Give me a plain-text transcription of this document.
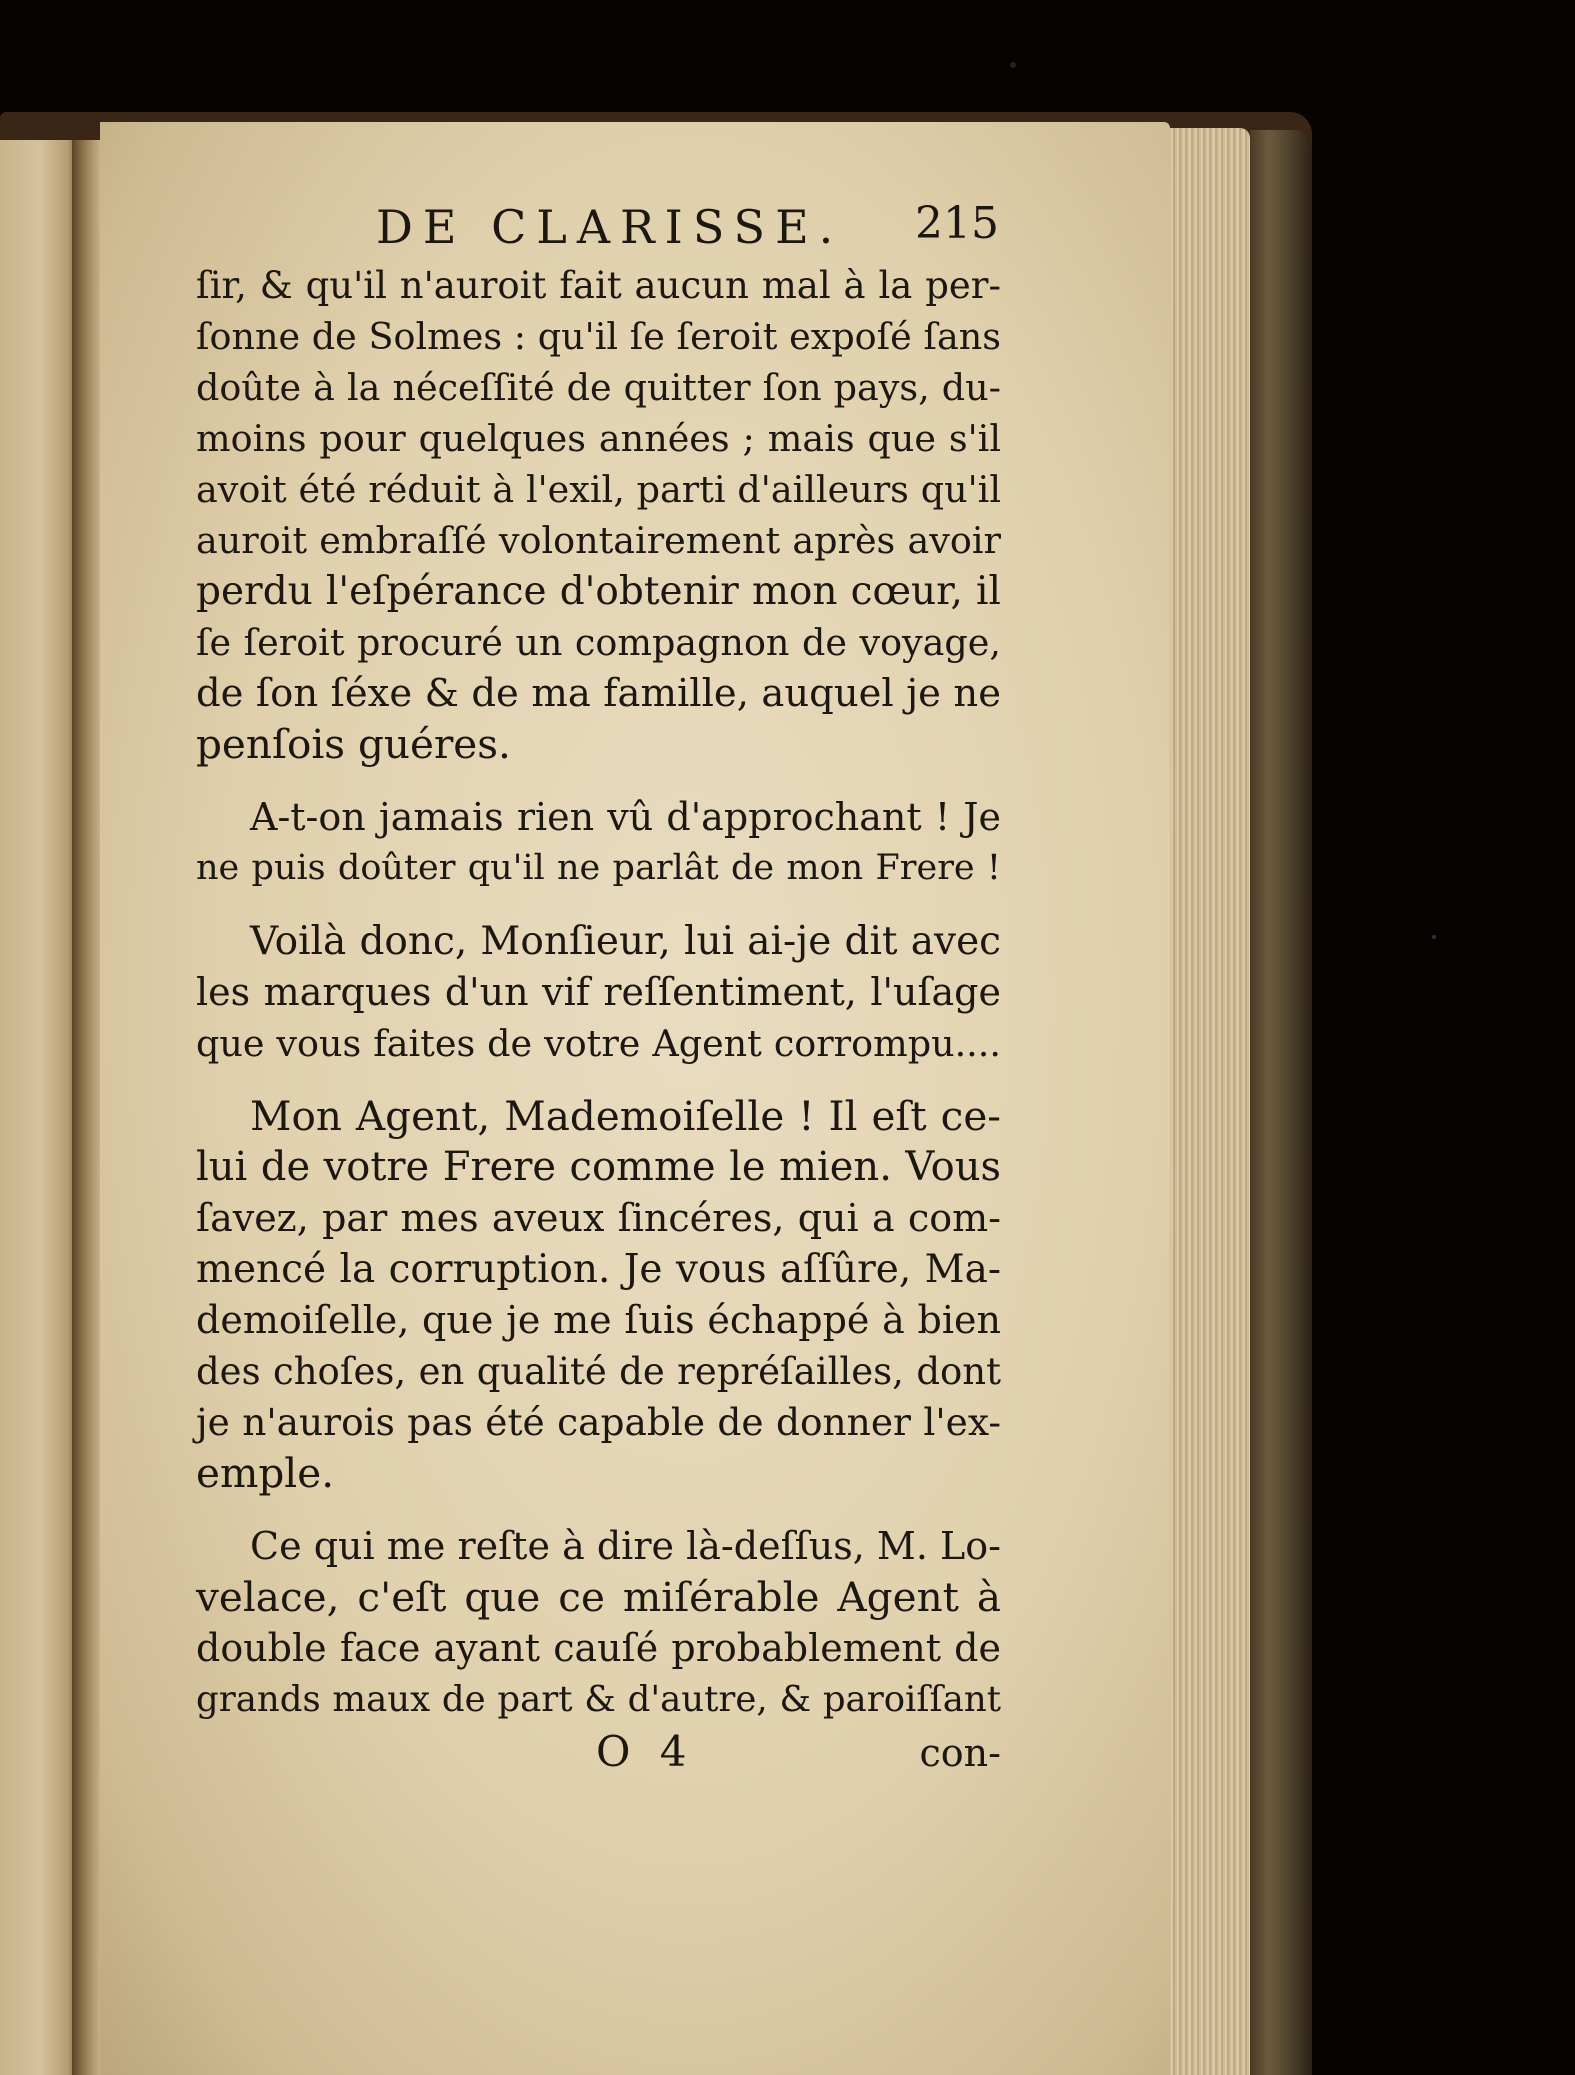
DE CLARISSE. 215

ſir, & qu'il n'auroit fait aucun mal à la per-
ſonne de Solmes : qu'il ſe ſeroit expoſé ſans
doûte à la néceſſité de quitter ſon pays, du-
moins pour quelques années ; mais que s'il
avoit été réduit à l'exil, parti d'ailleurs qu'il
auroit embraſſé volontairement après avoir
perdu l'eſpérance d'obtenir mon cœur, il
ſe ſeroit procuré un compagnon de voyage,
de ſon ſéxe & de ma famille, auquel je ne
penſois guéres.

A-t-on jamais rien vû d'approchant ! Je
ne puis doûter qu'il ne parlât de mon Frere !

Voilà donc, Monſieur, lui ai-je dit avec
les marques d'un vif reſſentiment, l'uſage
que vous faites de votre Agent corrompu....

Mon Agent, Mademoiſelle ! Il eſt ce-
lui de votre Frere comme le mien. Vous
ſavez, par mes aveux ſincéres, qui a com-
mencé la corruption. Je vous aſſûre, Ma-
demoiſelle, que je me ſuis échappé à bien
des choſes, en qualité de repréſailles, dont
je n'aurois pas été capable de donner l'ex-
emple.

Ce qui me reſte à dire là-deſſus, M. Lo-
velace, c'eſt que ce miſérable Agent à
double face ayant cauſé probablement de
grands maux de part & d'autre, & paroiſſant

O 4	con-
